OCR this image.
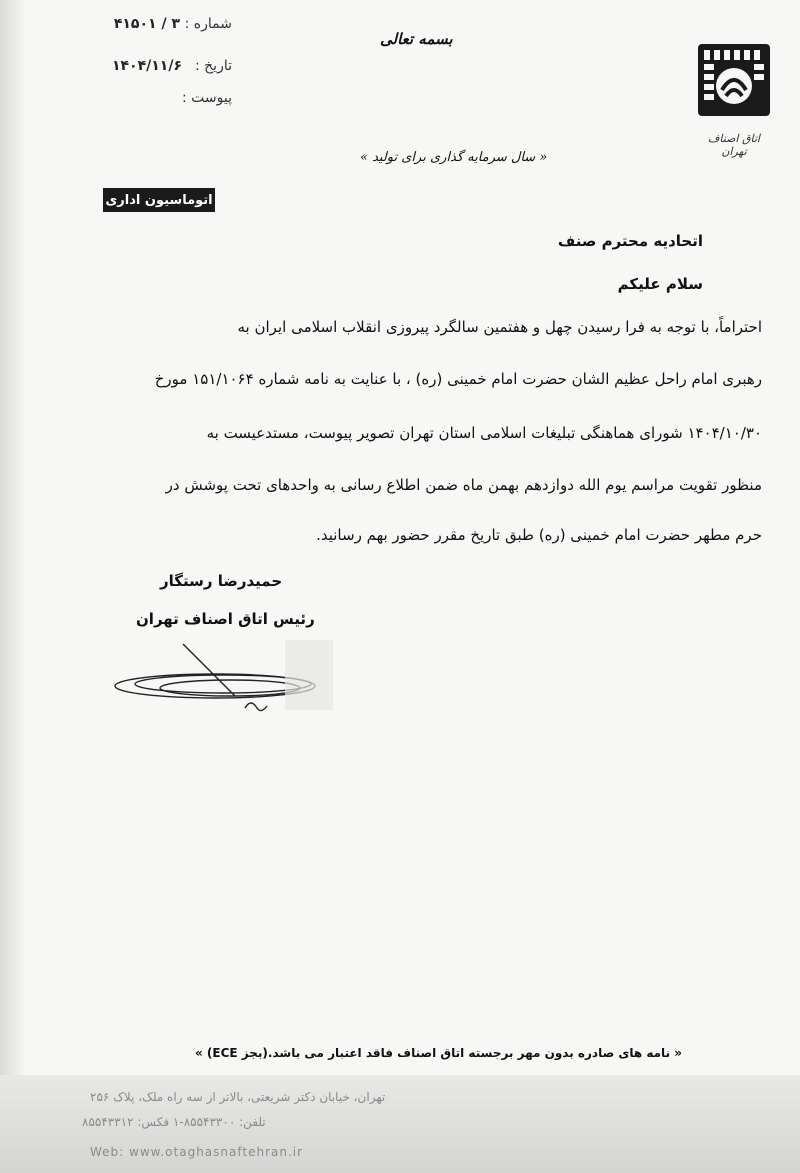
شماره :
۳ / ۴۱۵۰۱
تاریخ :
۱۴۰۴/۱۱/۶
پیوست :
بسمه تعالی
اتاق اصناف تهران
« سال سرمایه گذاری برای تولید »
اتوماسیون اداری
اتحادیه محترم صنف
سلام علیکم
احتراماً، با توجه به فرا رسیدن چهل و هفتمین سالگرد پیروزی انقلاب اسلامی ایران به
رهبری امام راحل عظیم الشان حضرت امام خمینی (ره) ، با عنایت به نامه شماره ۱۵۱/۱۰۶۴ مورخ
۱۴۰۴/۱۰/۳۰ شورای هماهنگی تبلیغات اسلامی استان تهران تصویر پیوست، مستدعیست به
منظور تقویت مراسم یوم الله دوازدهم بهمن ماه ضمن اطلاع رسانی به واحدهای تحت پوشش در
حرم مطهر حضرت امام خمینی (ره) طبق تاریخ مقرر حضور بهم رسانید.
حمیدرضا رستگار
رئیس اتاق اصناف تهران
« نامه های صادره بدون مهر برجسته اتاق اصناف فاقد اعتبار می باشد.(بجز ECE) »
تهران، خیابان دکتر شریعتی، بالاتر از سه راه ملک، پلاک ۲۵۶
تلفن: ۸۵۵۴۳۳۰۰-۱ فکس: ۸۵۵۴۳۳۱۲
Web: www.otaghasnaftehran.ir
